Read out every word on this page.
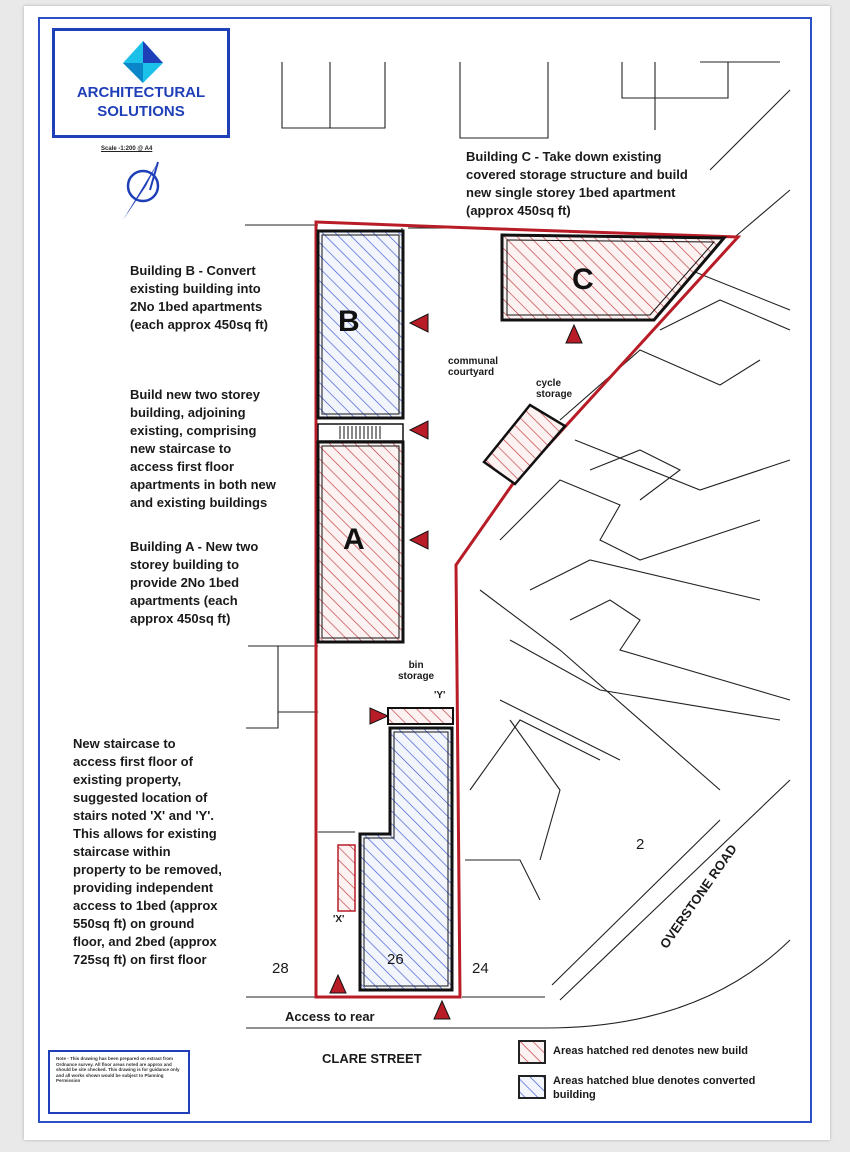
ARCHITECTURAL
SOLUTIONS
Scale -1:200 @ A4	Building C - Take down existing
covered storage structure and build
new single storey 1bed apartment
(approx 450sq ft)

Building B - Convert
existing building into
2No 1bed apartments
(each approx 450sq ft)

Build new two storey
building, adjoining
existing, comprising
new staircase to
access first floor
apartments in both new
and existing buildings

Building A - New two
storey building to
provide 2No 1bed
apartments (each
approx 450sq ft)

New staircase to
access first floor of
existing property,
suggested location of
stairs noted 'X' and 'Y'.
This allows for existing
staircase within
property to be removed,
providing independent
access to 1bed (approx
550sq ft) on ground
floor, and 2bed (approx
725sq ft) on first floor

B
A
C
communal
courtyard
cycle
storage
bin
storage
'Y'
'X'
2
26
28	24
OVERSTONE ROAD
Access to rear
CLARE STREET	Areas hatched red denotes new build
Areas hatched blue denotes converted
building
Note - This drawing has been prepared on extract from Ordnance survey. All floor areas noted are approx and should be site checked. This drawing is for guidance only and all works shown would be subject to Planning Permission
